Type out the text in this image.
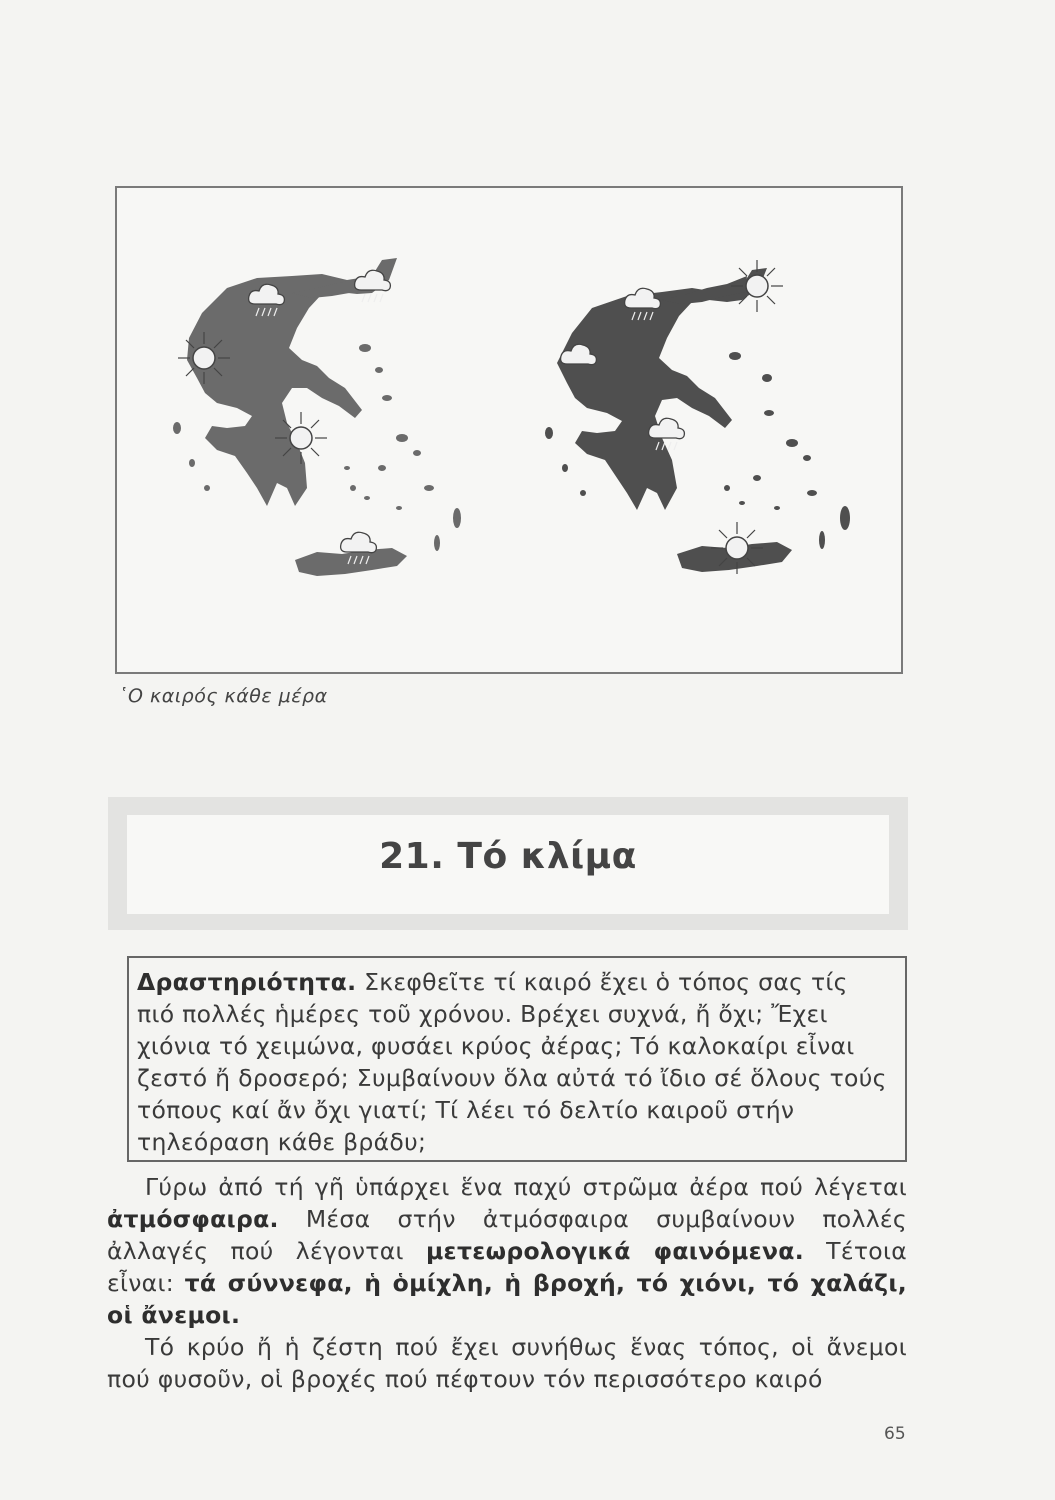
῾Ο καιρός κάθε μέρα
21. Τό κλίμα

Δραστηριότητα. Σκεφθεῖτε τί καιρό ἔχει ὁ τόπος σας τίς πιό πολλές ἡμέρες τοῦ χρόνου. Βρέχει συχνά, ἤ ὄχι; Ἔχει χιόνια τό χειμώνα, φυσάει κρύος ἀέρας; Τό καλοκαίρι εἶναι ζεστό ἤ δροσερό; Συμβαίνουν ὅλα αὐτά τό ἴδιο σέ ὅλους τούς τόπους καί ἄν ὄχι γιατί; Τί λέει τό δελτίο καιροῦ στήν τηλεόραση κάθε βράδυ;

Γύρω ἀπό τή γῆ ὑπάρχει ἕνα παχύ στρῶμα ἀέρα πού λέγεται ἀτμόσφαιρα. Μέσα στήν ἀτμόσφαιρα συμβαίνουν πολλές ἀλλαγές πού λέγονται μετεωρολογικά φαινόμενα. Τέτοια εἶναι: τά σύννεφα, ἡ ὁμίχλη, ἡ βροχή, τό χιόνι, τό χαλάζι, οἱ ἄνεμοι.

Τό κρύο ἤ ἡ ζέστη πού ἔχει συνήθως ἕνας τόπος, οἱ ἄνεμοι πού φυσοῦν, οἱ βροχές πού πέφτουν τόν περισσότερο καιρό

65
